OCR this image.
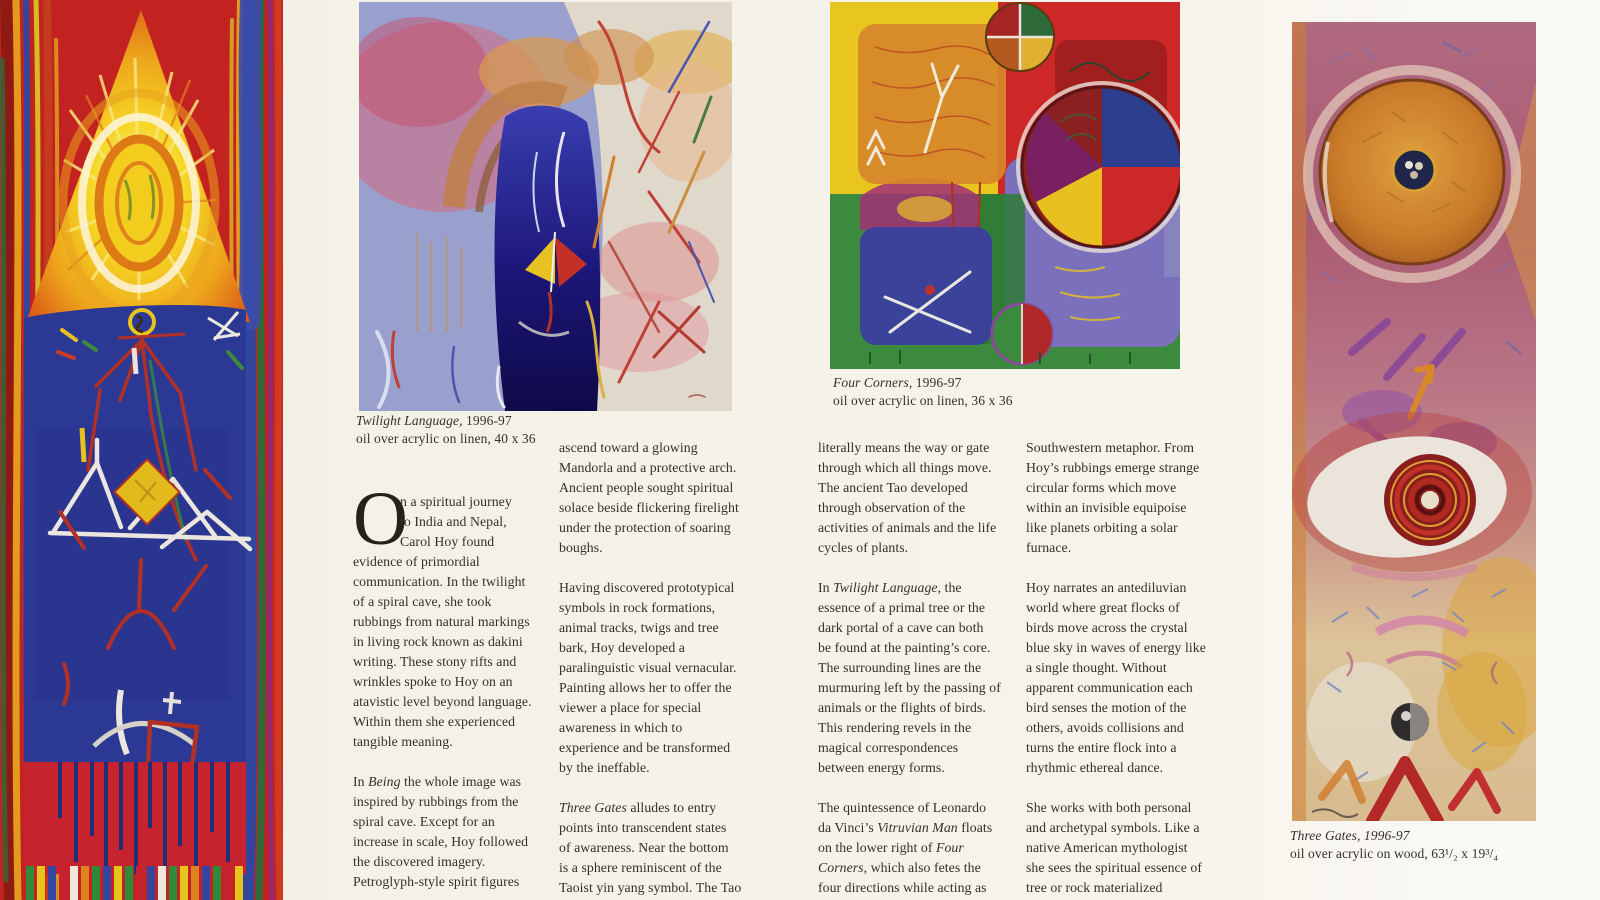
Twilight Language, 1996-97
oil over acrylic on linen, 40 x 36
Four Corners, 1996-97
oil over acrylic on linen, 36 x 36
Three Gates, 1996-97
oil over acrylic on wood, 63¹/₂ x 19³/₄
O
n a spiritual journey
to India and Nepal,
Carol Hoy found
evidence of primordial
communication. In the twilight
of a spiral cave, she took
rubbings from natural markings
in living rock known as dakini
writing. These stony rifts and
wrinkles spoke to Hoy on an
atavistic level beyond language.
Within them she experienced
tangible meaning.
In Being the whole image was
inspired by rubbings from the
spiral cave. Except for an
increase in scale, Hoy followed
the discovered imagery.
Petroglyph-style spirit figures
ascend toward a glowing
Mandorla and a protective arch.
Ancient people sought spiritual
solace beside flickering firelight
under the protection of soaring
boughs.
Having discovered prototypical
symbols in rock formations,
animal tracks, twigs and tree
bark, Hoy developed a
paralinguistic visual vernacular.
Painting allows her to offer the
viewer a place for special
awareness in which to
experience and be transformed
by the ineffable.
Three Gates alludes to entry
points into transcendent states
of awareness. Near the bottom
is a sphere reminiscent of the
Taoist yin yang symbol. The Tao
literally means the way or gate
through which all things move.
The ancient Tao developed
through observation of the
activities of animals and the life
cycles of plants.
In Twilight Language, the
essence of a primal tree or the
dark portal of a cave can both
be found at the painting’s core.
The surrounding lines are the
murmuring left by the passing of
animals or the flights of birds.
This rendering revels in the
magical correspondences
between energy forms.
The quintessence of Leonardo
da Vinci’s Vitruvian Man floats
on the lower right of Four
Corners, which also fetes the
four directions while acting as
Southwestern metaphor. From
Hoy’s rubbings emerge strange
circular forms which move
within an invisible equipoise
like planets orbiting a solar
furnace.
Hoy narrates an antediluvian
world where great flocks of
birds move across the crystal
blue sky in waves of energy like
a single thought. Without
apparent communication each
bird senses the motion of the
others, avoids collisions and
turns the entire flock into a
rhythmic ethereal dance.
She works with both personal
and archetypal symbols. Like a
native American mythologist
she sees the spiritual essence of
tree or rock materialized
